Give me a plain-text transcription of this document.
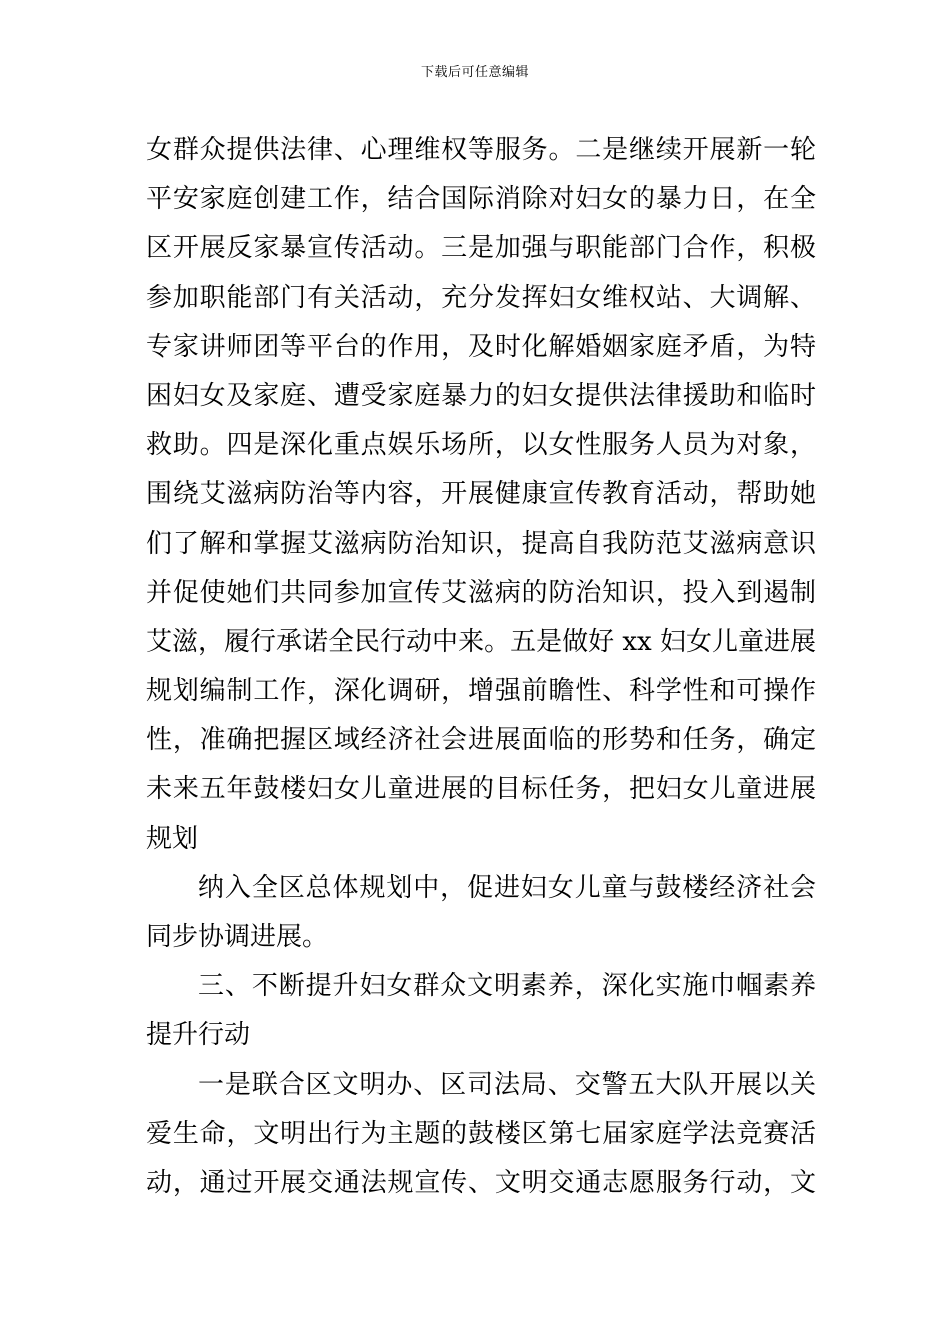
下载后可任意编辑
女群众提供法律、心理维权等服务。二是继续开展新一轮
平安家庭创建工作，结合国际消除对妇女的暴力日，在全
区开展反家暴宣传活动。三是加强与职能部门合作，积极
参加职能部门有关活动，充分发挥妇女维权站、大调解、
专家讲师团等平台的作用，及时化解婚姻家庭矛盾，为特
困妇女及家庭、遭受家庭暴力的妇女提供法律援助和临时
救助。四是深化重点娱乐场所，以女性服务人员为对象，
围绕艾滋病防治等内容，开展健康宣传教育活动，帮助她
们了解和掌握艾滋病防治知识，提高自我防范艾滋病意识
并促使她们共同参加宣传艾滋病的防治知识，投入到遏制
艾滋，履行承诺全民行动中来。五是做好 xx 妇女儿童进展
规划编制工作，深化调研，增强前瞻性、科学性和可操作
性，准确把握区域经济社会进展面临的形势和任务，确定
未来五年鼓楼妇女儿童进展的目标任务，把妇女儿童进展
规划
纳入全区总体规划中，促进妇女儿童与鼓楼经济社会
同步协调进展。
三、不断提升妇女群众文明素养，深化实施巾帼素养
提升行动
一是联合区文明办、区司法局、交警五大队开展以关
爱生命，文明出行为主题的鼓楼区第七届家庭学法竞赛活
动，通过开展交通法规宣传、文明交通志愿服务行动，文
